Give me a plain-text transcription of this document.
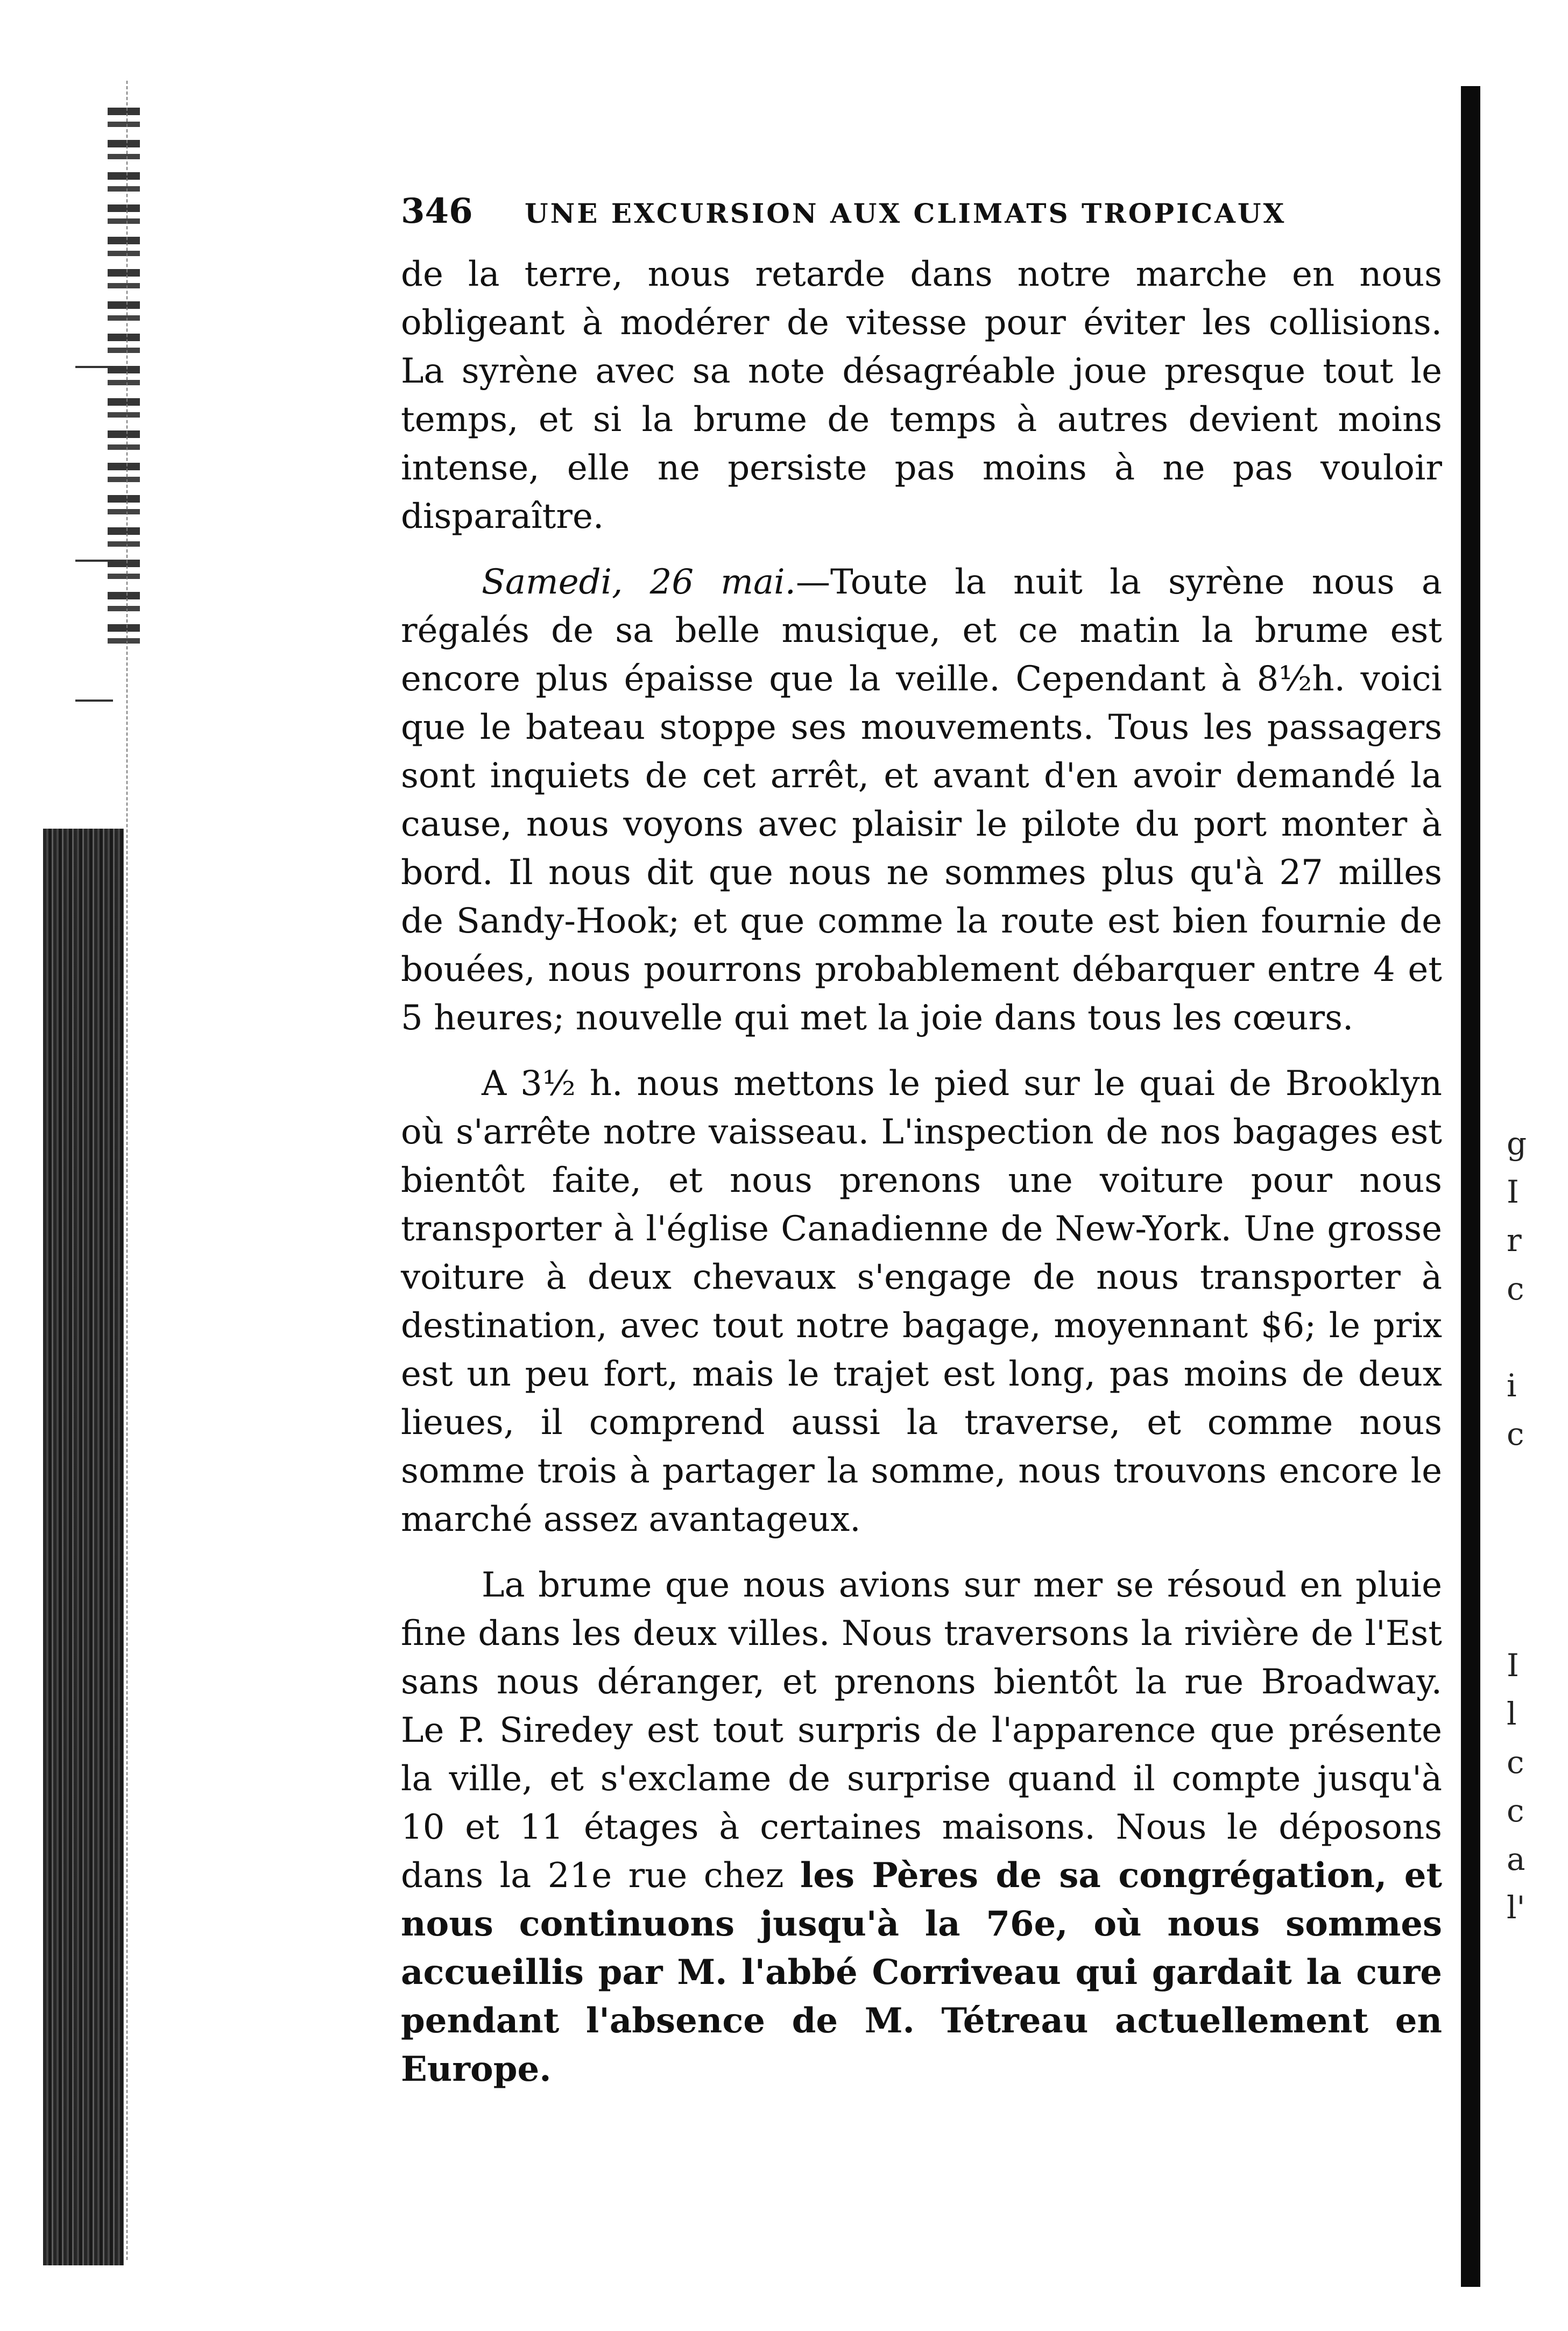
g
I
r
c
i
c
I
l
c
c
a
l'
346	UNE EXCURSION AUX CLIMATS TROPICAUX

de la terre, nous retarde dans notre marche en nous obligeant à modérer de vitesse pour éviter les collisions. La syrène avec sa note désagréable joue presque tout le temps, et si la brume de temps à autres devient moins intense, elle ne persiste pas moins à ne pas vouloir disparaître.

Samedi, 26 mai.—Toute la nuit la syrène nous a régalés de sa belle musique, et ce matin la brume est encore plus épaisse que la veille. Cependant à 8½h. voici que le bateau stoppe ses mouvements. Tous les passagers sont inquiets de cet arrêt, et avant d'en avoir demandé la cause, nous voyons avec plaisir le pilote du port monter à bord. Il nous dit que nous ne sommes plus qu'à 27 milles de Sandy-Hook; et que comme la route est bien fournie de bouées, nous pourrons probablement débarquer entre 4 et 5 heures; nouvelle qui met la joie dans tous les cœurs.

A 3½ h. nous mettons le pied sur le quai de Brooklyn où s'arrête notre vaisseau. L'inspection de nos bagages est bientôt faite, et nous prenons une voiture pour nous transporter à l'église Canadienne de New-York. Une grosse voiture à deux chevaux s'engage de nous transporter à destination, avec tout notre bagage, moyennant $6; le prix est un peu fort, mais le trajet est long, pas moins de deux lieues, il comprend aussi la traverse, et comme nous somme trois à partager la somme, nous trouvons encore le marché assez avantageux.

La brume que nous avions sur mer se résoud en pluie fine dans les deux villes. Nous traversons la rivière de l'Est sans nous déranger, et prenons bientôt la rue Broadway. Le P. Siredey est tout surpris de l'apparence que présente la ville, et s'exclame de surprise quand il compte jusqu'à 10 et 11 étages à certaines maisons. Nous le déposons dans la 21e rue chez les Pères de sa congrégation, et nous continuons jusqu'à la 76e, où nous sommes accueillis par M. l'abbé Corriveau qui gardait la cure pendant l'absence de M. Tétreau actuellement en Europe.
